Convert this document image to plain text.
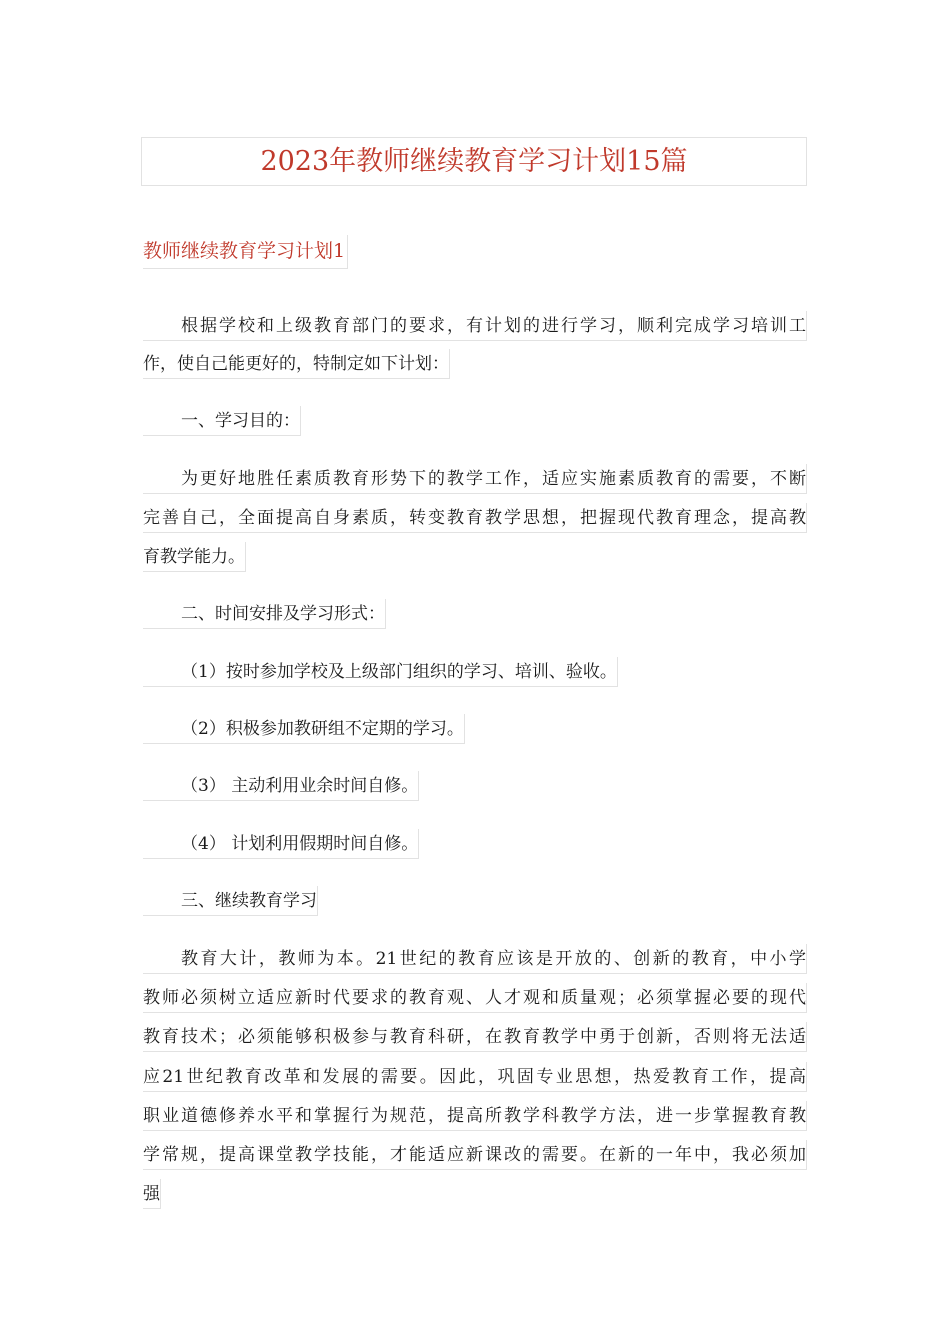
2023年教师继续教育学习计划15篇
教师继续教育学习计划1
根据学校和上级教育部门的要求，有计划的进行学习，顺利完成学习培训工
作，使自己能更好的，特制定如下计划：
一、学习目的：
为更好地胜任素质教育形势下的教学工作，适应实施素质教育的需要，不断
完善自己，全面提高自身素质，转变教育教学思想，把握现代教育理念，提高教
育教学能力。
二、时间安排及学习形式：
（1）按时参加学校及上级部门组织的学习、培训、验收。
（2）积极参加教研组不定期的学习。
（3） 主动利用业余时间自修。
（4） 计划利用假期时间自修。
三、继续教育学习
教育大计，教师为本。21世纪的教育应该是开放的、创新的教育，中小学
教师必须树立适应新时代要求的教育观、人才观和质量观；必须掌握必要的现代
教育技术；必须能够积极参与教育科研，在教育教学中勇于创新，否则将无法适
应21世纪教育改革和发展的需要。因此，巩固专业思想，热爱教育工作，提高
职业道德修养水平和掌握行为规范，提高所教学科教学方法，进一步掌握教育教
学常规，提高课堂教学技能，才能适应新课改的需要。在新的一年中，我必须加
强
